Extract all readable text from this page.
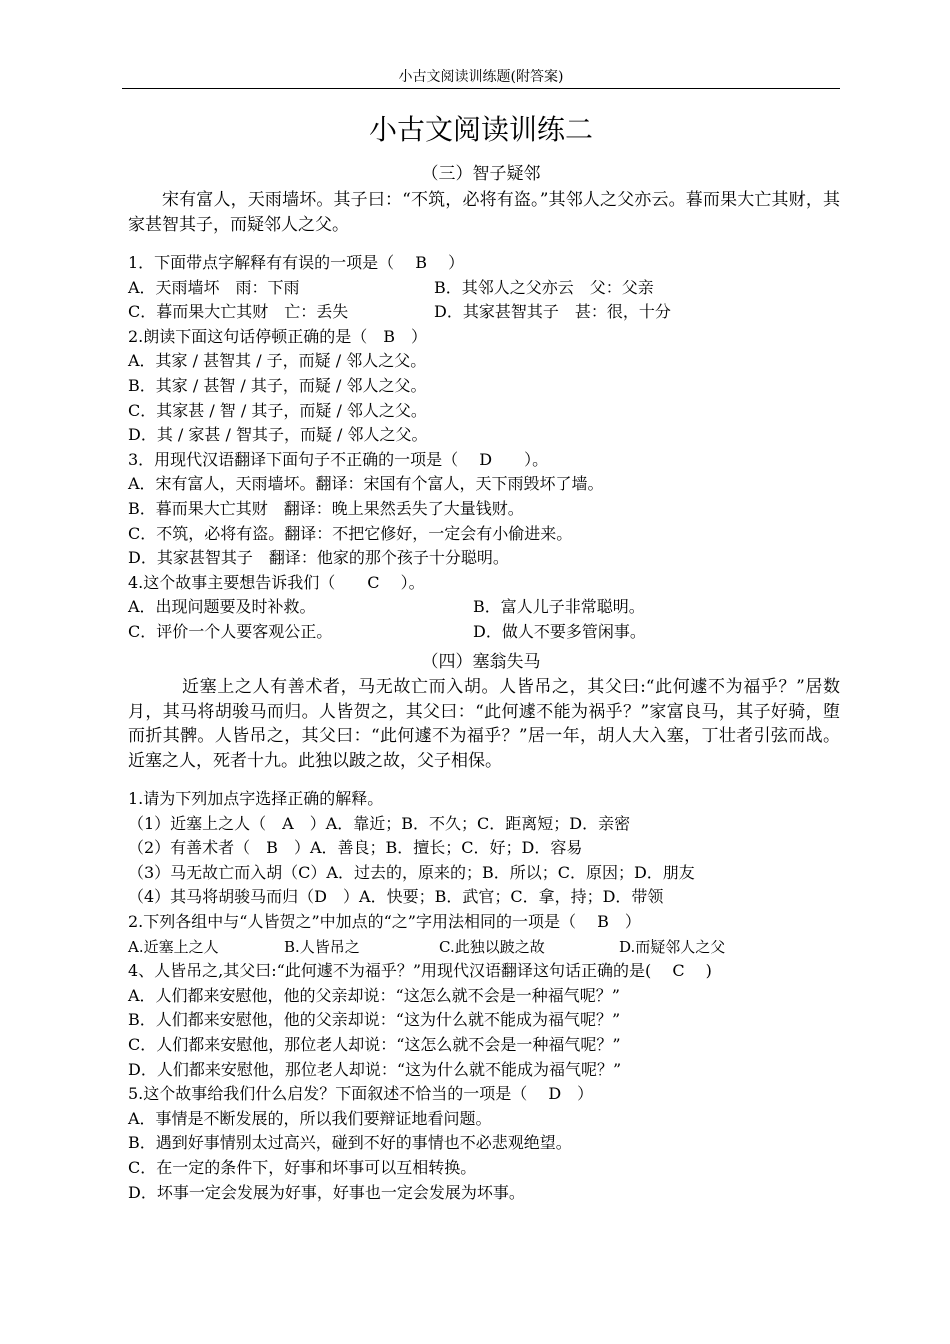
小古文阅读训练题(附答案)
小古文阅读训练二
（三）智子疑邻
宋有富人，天雨墙坏。其子曰：“不筑，必将有盗。”其邻人之父亦云。暮而果大亡其财，其家甚智其子，而疑邻人之父。
1．下面带点字解释有有误的一项是（　 B　 ）
A．天雨墙坏　雨：下雨	B．其邻人之父亦云　父：父亲
C．暮而果大亡其财　亡：丢失	D．其家甚智其子　甚：很，十分
2.朗读下面这句话停顿正确的是（　B　）
A．其家 / 甚智其 / 子，而疑 / 邻人之父。
B．其家 / 甚智 / 其子，而疑 / 邻人之父。
C．其家甚 / 智 / 其子，而疑 / 邻人之父。
D．其 / 家甚 / 智其子，而疑 / 邻人之父。
3．用现代汉语翻译下面句子不正确的一项是（　 D　　）。
A．宋有富人，天雨墙坏。翻译：宋国有个富人，天下雨毁坏了墙。
B．暮而果大亡其财　翻译：晚上果然丢失了大量钱财。
C．不筑，必将有盗。翻译：不把它修好，一定会有小偷进来。
D．其家甚智其子　翻译：他家的那个孩子十分聪明。
4.这个故事主要想告诉我们（　　C　 ）。
A．出现问题要及时补救。	B．富人儿子非常聪明。
C．评价一个人要客观公正。	D．做人不要多管闲事。
（四）塞翁失马
近塞上之人有善术者，马无故亡而入胡。人皆吊之，其父曰:“此何遽不为福乎？”居数月，其马将胡骏马而归。人皆贺之，其父曰：“此何遽不能为祸乎？”家富良马，其子好骑，堕而折其髀。人皆吊之，其父曰：“此何遽不为福乎？”居一年，胡人大入塞，丁壮者引弦而战。近塞之人，死者十九。此独以跛之故，父子相保。
1.请为下列加点字选择正确的解释。
（1）近塞上之人（　A　）A．靠近；B．不久；C．距离短；D．亲密
（2）有善术者（　B　）A．善良；B．擅长；C．好；D．容易
（3）马无故亡而入胡（C）A．过去的，原来的；B．所以；C．原因；D．朋友
（4）其马将胡骏马而归（D　）A．快要；B．武官；C．拿，持；D．带领
2.下列各组中与“人皆贺之”中加点的“之”字用法相同的一项是（　 B　）
A.近塞上之人	B.人皆吊之	C.此独以跛之故	D.而疑邻人之父
4、人皆吊之,其父曰:“此何遽不为福乎？”用现代汉语翻译这句话正确的是(　 C　 )
A．人们都来安慰他，他的父亲却说：“这怎么就不会是一种福气呢？”
B．人们都来安慰他，他的父亲却说：“这为什么就不能成为福气呢？”
C．人们都来安慰他，那位老人却说：“这怎么就不会是一种福气呢？”
D．人们都来安慰他，那位老人却说：“这为什么就不能成为福气呢？”
5.这个故事给我们什么启发？下面叙述不恰当的一项是（　 D　）
A．事情是不断发展的，所以我们要辩证地看问题。
B．遇到好事情别太过高兴，碰到不好的事情也不必悲观绝望。
C．在一定的条件下，好事和坏事可以互相转换。
D．坏事一定会发展为好事，好事也一定会发展为坏事。
